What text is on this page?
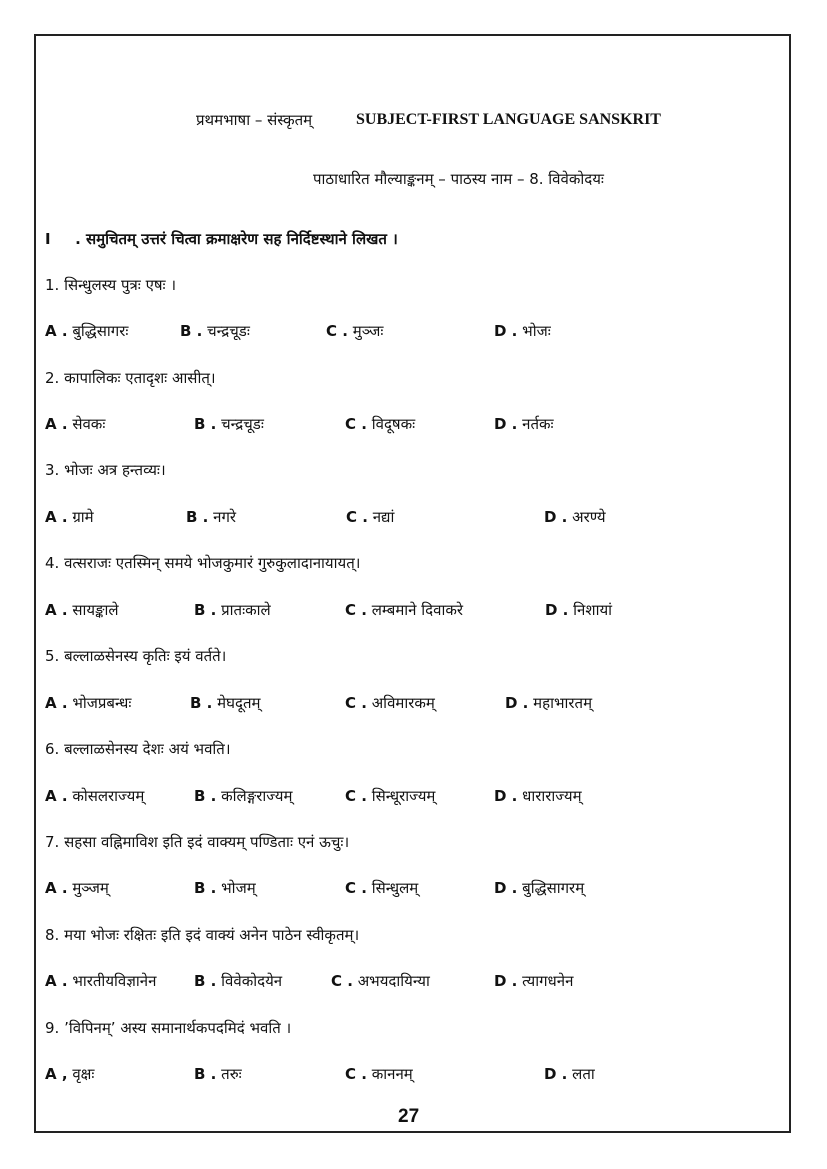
प्रथमभाषा – संस्कृतम्	SUBJECT-FIRST LANGUAGE SANSKRIT
पाठाधारित मौल्याङ्कनम् – पाठस्य नाम – 8. विवेकोदयः
I . समुचितम् उत्तरं चित्वा क्रमाक्षरेण सह निर्दिष्टस्थाने लिखत ।
1. सिन्धुलस्य पुत्रः एषः ।
A . बुद्धिसागरः	B . चन्द्रचूडः	C . मुञ्जः	D . भोजः
2. कापालिकः एतादृशः आसीत्।
A . सेवकः	B . चन्द्रचूडः	C . विदूषकः	D . नर्तकः
3. भोजः अत्र हन्तव्यः।
A . ग्रामे	B . नगरे	C . नद्यां	D . अरण्ये
4. वत्सराजः एतस्मिन् समये भोजकुमारं गुरुकुलादानायायत्।
A . सायङ्काले	B . प्रातःकाले	C . लम्बमाने दिवाकरे	D . निशायां
5. बल्लाळसेनस्य कृतिः इयं वर्तते।
A . भोजप्रबन्धः	B . मेघदूतम्	C . अविमारकम्	D . महाभारतम्
6. बल्लाळसेनस्य देशः अयं भवति।
A . कोसलराज्यम्	B . कलिङ्गराज्यम्	C . सिन्धूराज्यम्	D . धाराराज्यम्
7. सहसा वह्निमाविश इति इदं वाक्यम् पण्डिताः एनं ऊचुः।
A . मुञ्जम्	B . भोजम्	C . सिन्धुलम्	D . बुद्धिसागरम्
8. मया भोजः रक्षितः इति इदं वाक्यं अनेन पाठेन स्वीकृतम्।
A . भारतीयविज्ञानेन	B . विवेकोदयेन	C . अभयदायिन्या	D . त्यागधनेन
9. ’विपिनम्’ अस्य समानार्थकपदमिदं भवति ।
A , वृक्षः	B . तरुः	C . काननम्	D . लता
27
